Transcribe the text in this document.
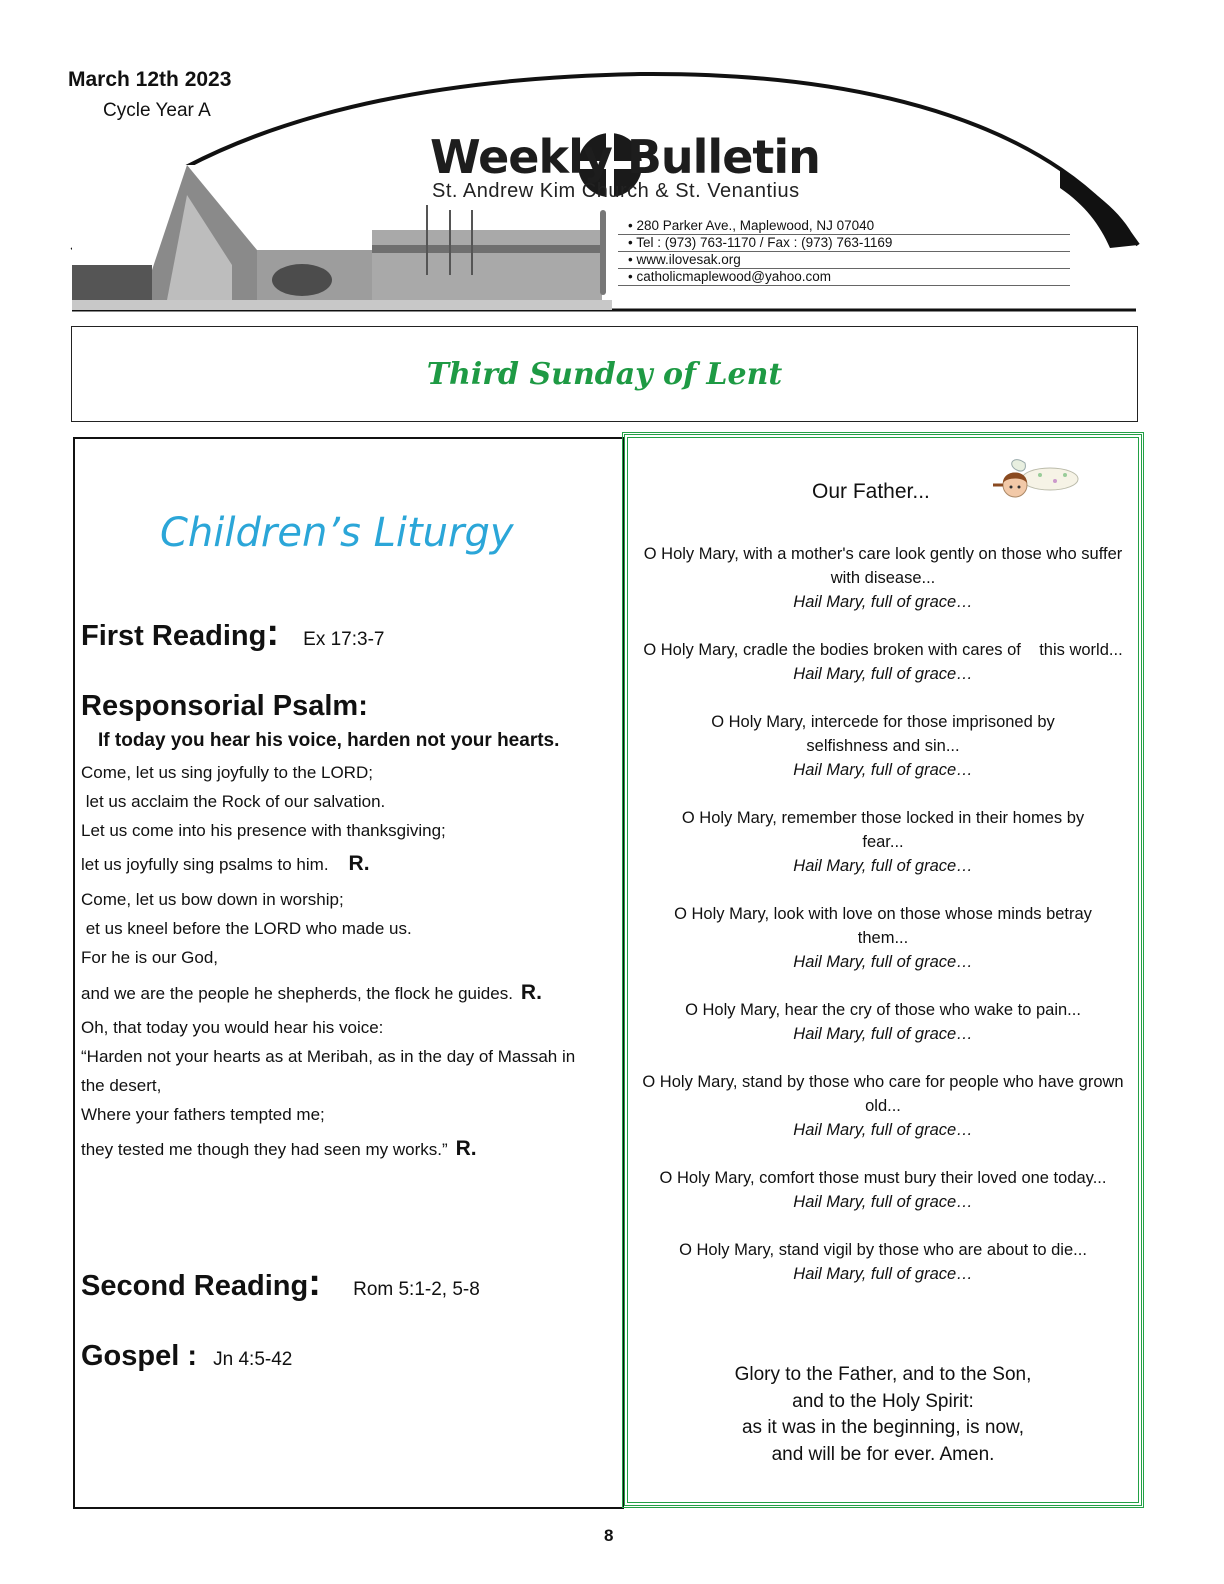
March 12th 2023
Cycle Year A
Weekly Bulletin
St. Andrew Kim Church & St. Venantius
• 280 Parker Ave., Maplewood, NJ 07040
• Tel : (973) 763-1170 / Fax : (973) 763-1169
• www.ilovesak.org
• catholicmaplewood@yahoo.com
Third Sunday of Lent
Children’s Liturgy
First Reading: Ex 17:3-7
Responsorial Psalm:
If today you hear his voice, harden not your hearts.
Come, let us sing joyfully to the LORD;
let us acclaim the Rock of our salvation.
Let us come into his presence with thanksgiving;
let us joyfully sing psalms to him. R.
Come, let us bow down in worship;
et us kneel before the LORD who made us.
For he is our God,
and we are the people he shepherds, the flock he guides. R.
Oh, that today you would hear his voice:
“Harden not your hearts as at Meribah, as in the day of Massah in
the desert,
Where your fathers tempted me;
they tested me though they had seen my works.” R.
Second Reading: Rom 5:1-2, 5-8
Gospel : Jn 4:5-42
Our Father...
O Holy Mary, with a mother's care look gently on those who suffer with disease...
Hail Mary, full of grace…
O Holy Mary, cradle the bodies broken with cares of    this world...
Hail Mary, full of grace…
O Holy Mary, intercede for those imprisoned by selfishness and sin...
Hail Mary, full of grace…
O Holy Mary, remember those locked in their homes by fear...
Hail Mary, full of grace…
O Holy Mary, look with love on those whose minds betray them...
Hail Mary, full of grace…
O Holy Mary, hear the cry of those who wake to pain...
Hail Mary, full of grace…
O Holy Mary, stand by those who care for people who have grown old...
Hail Mary, full of grace…
O Holy Mary, comfort those must bury their loved one today...
Hail Mary, full of grace…
O Holy Mary, stand vigil by those who are about to die...
Hail Mary, full of grace…
Glory to the Father, and to the Son,
and to the Holy Spirit:
as it was in the beginning, is now,
and will be for ever. Amen.
8
